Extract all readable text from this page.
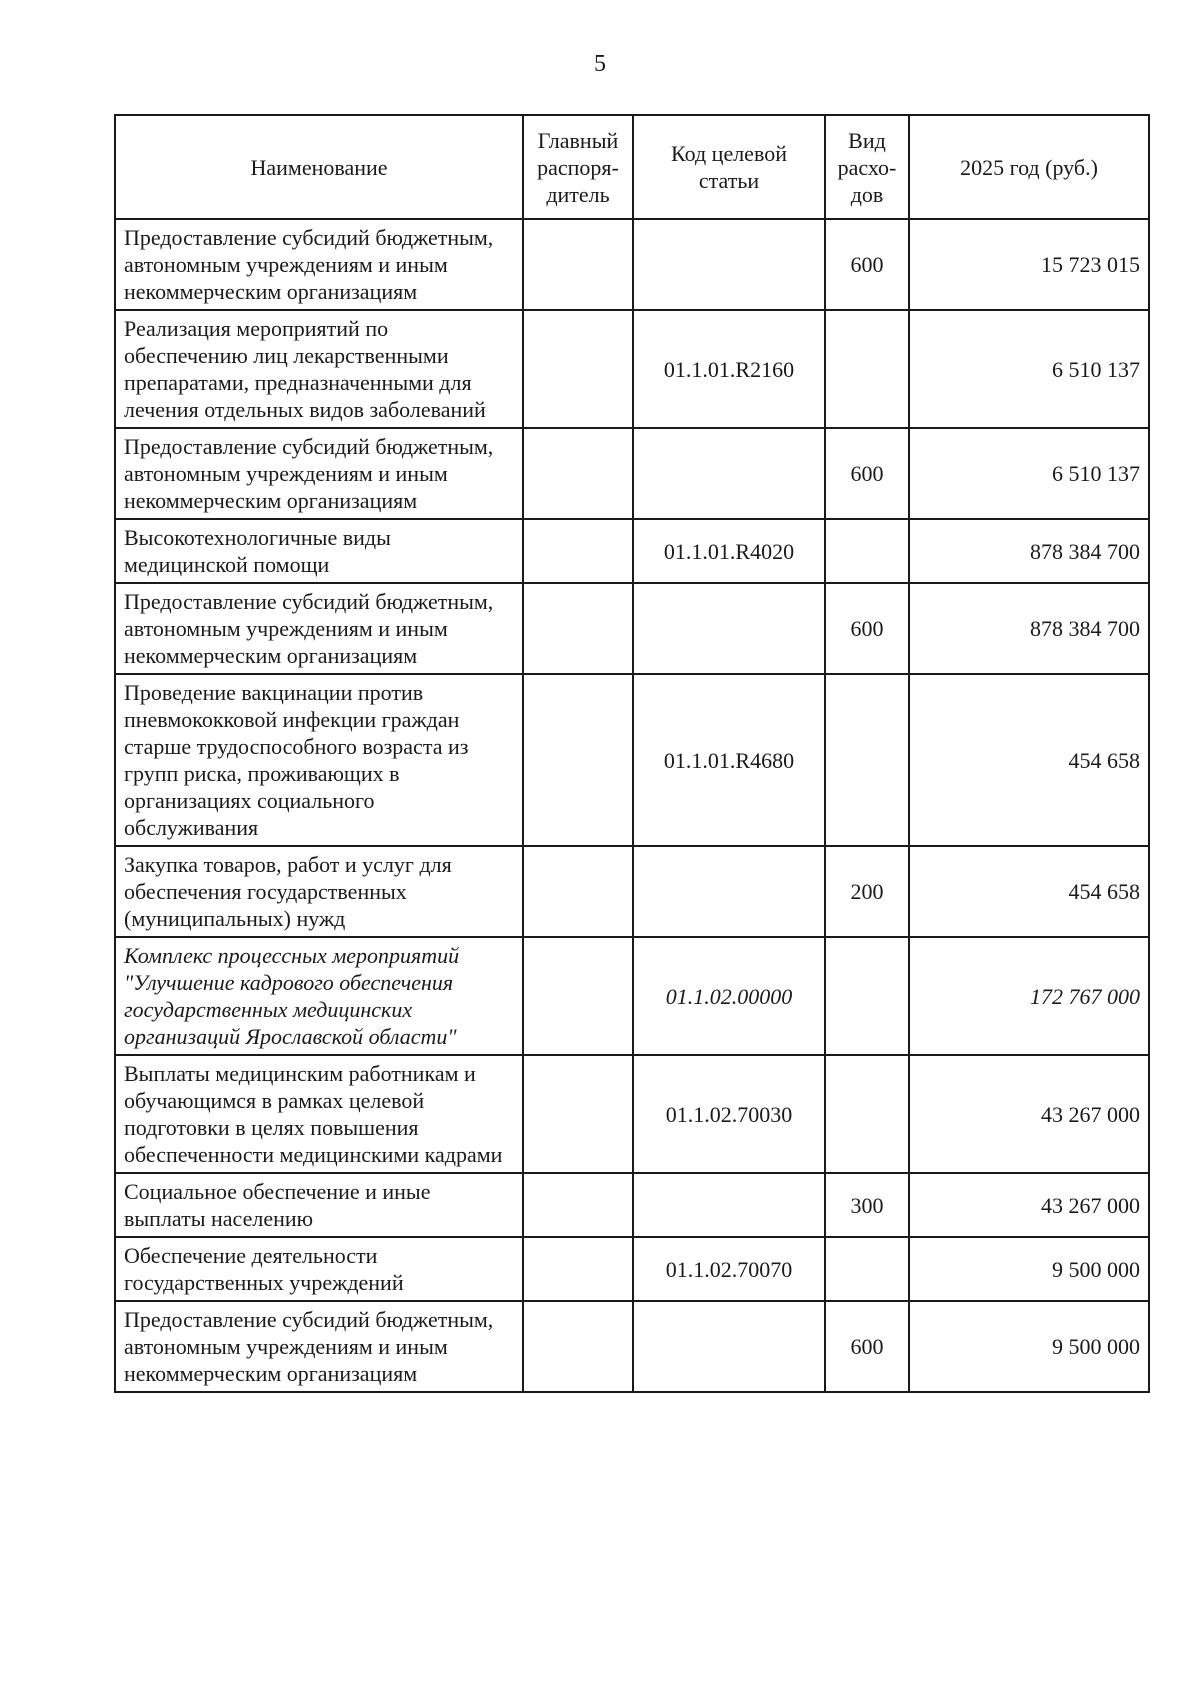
5
Наименование	Главный распоря-дитель	Код целевой статьи	Вид расхо-дов	2025 год (руб.)
Предоставление субсидий бюджетным, автономным учреждениям и иным некоммерческим организациям			600	15 723 015
Реализация мероприятий по обеспечению лиц лекарственными препаратами, предназначенными для лечения отдельных видов заболеваний		01.1.01.R2160		6 510 137
Предоставление субсидий бюджетным, автономным учреждениям и иным некоммерческим организациям			600	6 510 137
Высокотехнологичные виды медицинской помощи		01.1.01.R4020		878 384 700
Предоставление субсидий бюджетным, автономным учреждениям и иным некоммерческим организациям			600	878 384 700
Проведение вакцинации против пневмококковой инфекции граждан старше трудоспособного возраста из групп риска, проживающих в организациях социального обслуживания		01.1.01.R4680		454 658
Закупка товаров, работ и услуг для обеспечения государственных (муниципальных) нужд			200	454 658
Комплекс процессных мероприятий "Улучшение кадрового обеспечения государственных медицинских организаций Ярославской области"		01.1.02.00000		172 767 000
Выплаты медицинским работникам и обучающимся в рамках целевой подготовки в целях повышения обеспеченности медицинскими кадрами		01.1.02.70030		43 267 000
Социальное обеспечение и иные выплаты населению			300	43 267 000
Обеспечение деятельности государственных учреждений		01.1.02.70070		9 500 000
Предоставление субсидий бюджетным, автономным учреждениям и иным некоммерческим организациям			600	9 500 000
